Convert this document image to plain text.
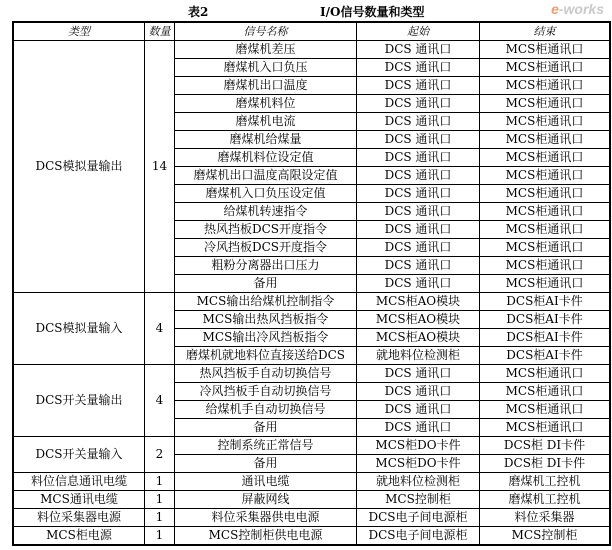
表2	I/O信号数量和类型
类型	数量	信号名称	起始	结束
DCS模拟量输出	14	磨煤机差压	DCS 通讯口	MCS柜通讯口
		磨煤机入口负压	DCS 通讯口	MCS柜通讯口
		磨煤机出口温度	DCS 通讯口	MCS柜通讯口
		磨煤机料位	DCS 通讯口	MCS柜通讯口
		磨煤机电流	DCS 通讯口	MCS柜通讯口
		磨煤机给煤量	DCS 通讯口	MCS柜通讯口
		磨煤机料位设定值	DCS 通讯口	MCS柜通讯口
		磨煤机出口温度高限设定值	DCS 通讯口	MCS柜通讯口
		磨煤机入口负压设定值	DCS 通讯口	MCS柜通讯口
		给煤机转速指令	DCS 通讯口	MCS柜通讯口
		热风挡板DCS开度指令	DCS 通讯口	MCS柜通讯口
		冷风挡板DCS开度指令	DCS 通讯口	MCS柜通讯口
		粗粉分离器出口压力	DCS 通讯口	MCS柜通讯口
		备用	DCS 通讯口	MCS柜通讯口
DCS模拟量输入	4	MCS输出给煤机控制指令	MCS柜AO模块	DCS柜AI卡件
		MCS输出热风挡板指令	MCS柜AO模块	DCS柜AI卡件
		MCS输出冷风挡板指令	MCS柜AO模块	DCS柜AI卡件
		磨煤机就地料位直接送给DCS	就地料位检测柜	DCS柜AI卡件
DCS开关量输出	4	热风挡板手自动切换信号	DCS 通讯口	MCS柜通讯口
		冷风挡板手自动切换信号	DCS 通讯口	MCS柜通讯口
		给煤机手自动切换信号	DCS 通讯口	MCS柜通讯口
		备用	DCS 通讯口	MCS柜通讯口
DCS开关量输入	2	控制系统正常信号	MCS柜DO卡件	DCS柜 DI卡件
		备用	MCS柜DO卡件	DCS柜 DI卡件
料位信息通讯电缆	1	通讯电缆	就地料位检测柜	磨煤机工控机
MCS通讯电缆	1	屏蔽网线	MCS控制柜	磨煤机工控机
料位采集器电源	1	料位采集器供电电源	DCS电子间电源柜	料位采集器
MCS柜电源	1	MCS控制柜供电电源	DCS电子间电源柜	MCS控制柜
e-works
